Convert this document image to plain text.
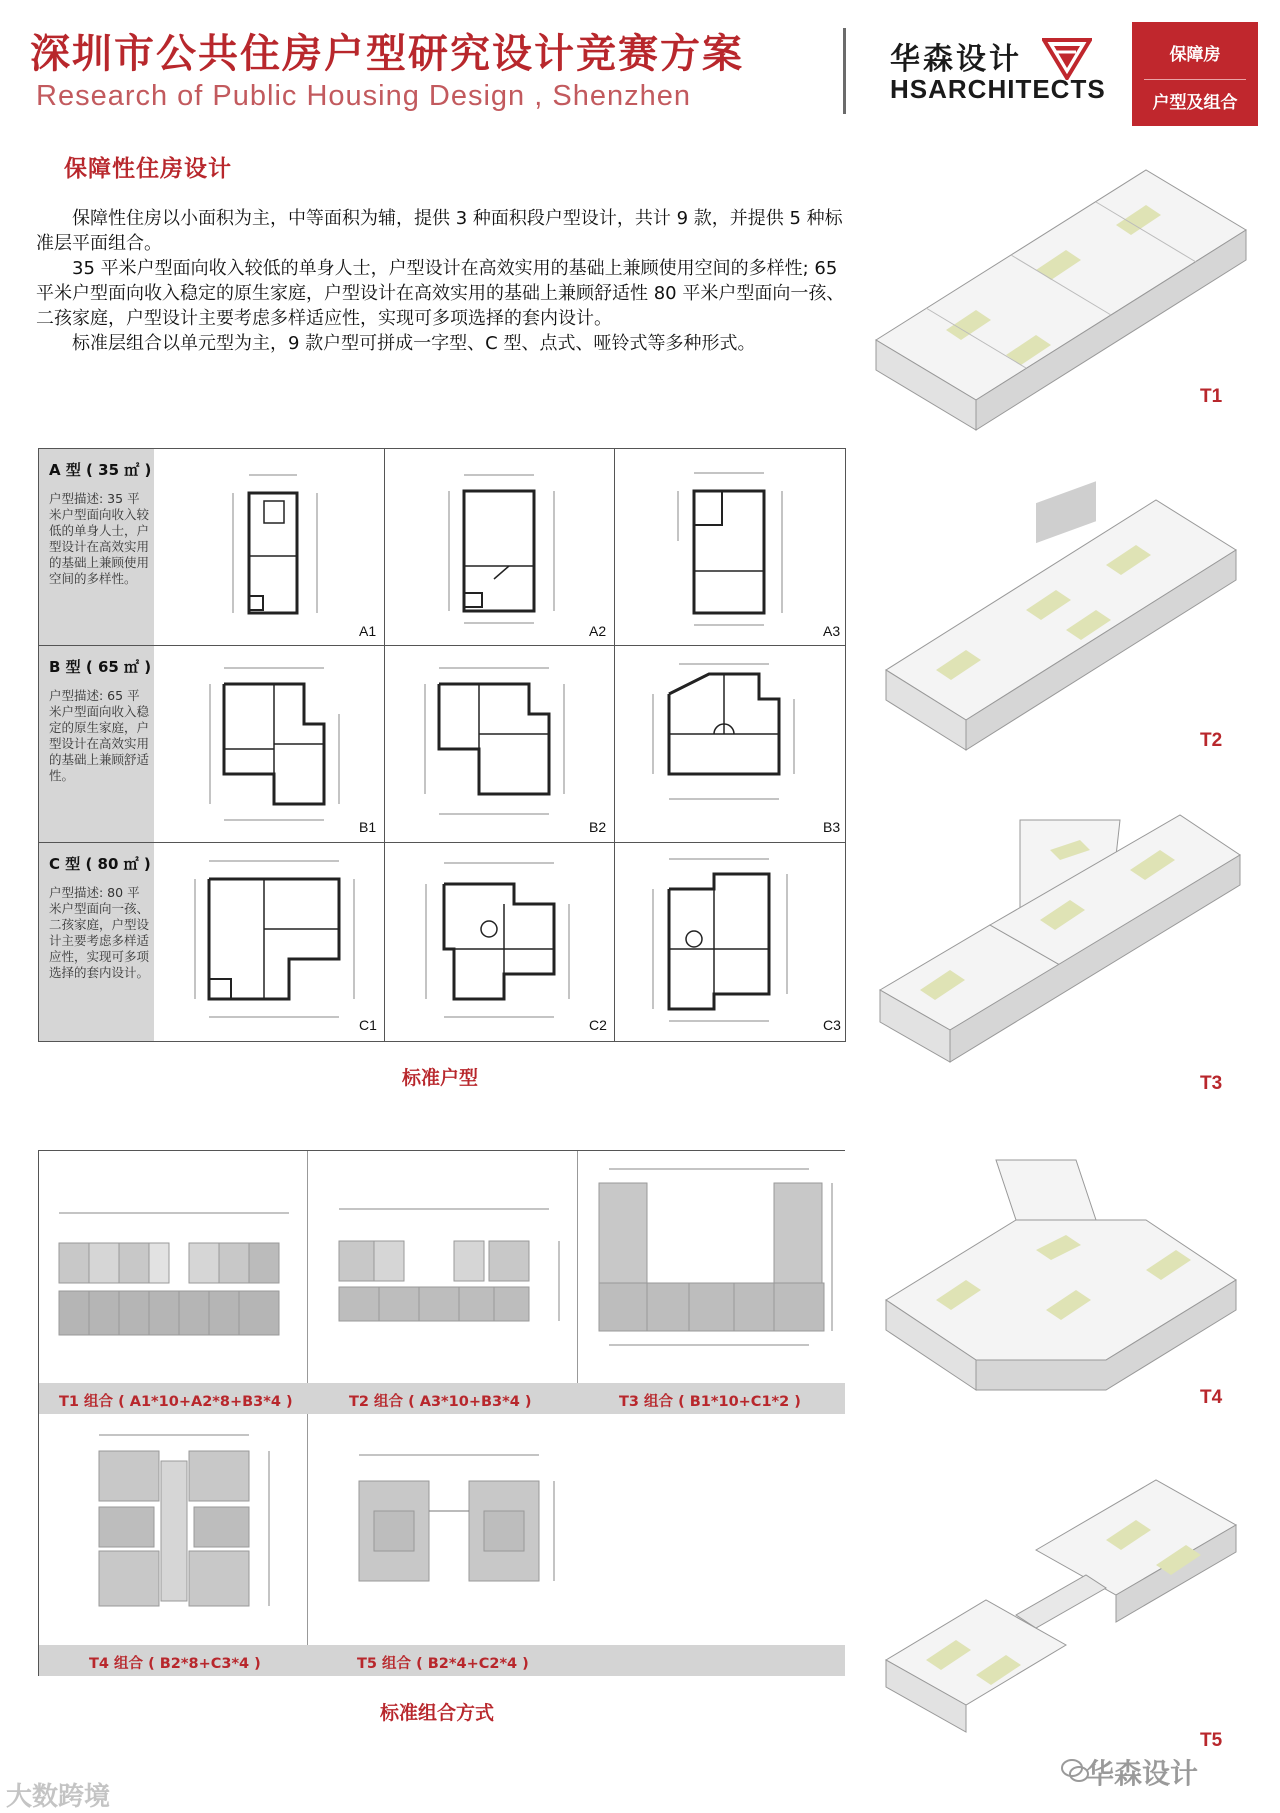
深圳市公共住房户型研究设计竞赛方案
Research of Public Housing Design , Shenzhen
华森设计
HSARCHITECTS
保障房
户型及组合
保障性住房设计

保障性住房以小面积为主，中等面积为辅，提供 3 种面积段户型设计，共计 9 款，并提供 5 种标准层平面组合。

35 平米户型面向收入较低的单身人士，户型设计在高效实用的基础上兼顾使用空间的多样性; 65 平米户型面向收入稳定的原生家庭，户型设计在高效实用的基础上兼顾舒适性 80 平米户型面向一孩、二孩家庭，户型设计主要考虑多样适应性，实现可多项选择的套内设计。

标准层组合以单元型为主，9 款户型可拼成一字型、C 型、点式、哑铃式等多种形式。

A 型 ( 35 ㎡ )
户型描述: 35 平米户型面向收入较低的单身人士，户型设计在高效实用的基础上兼顾使用空间的多样性。
A1	A2	A3
B 型 ( 65 ㎡ )
户型描述: 65 平米户型面向收入稳定的原生家庭，户型设计在高效实用的基础上兼顾舒适性。
B1	B2	B3
C 型 ( 80 ㎡ )
户型描述: 80 平米户型面向一孩、二孩家庭，户型设计主要考虑多样适应性，实现可多项选择的套内设计。
C1	C2	C3
标准户型
T1 组合 ( A1*10+A2*8+B3*4 )	T2 组合 ( A3*10+B3*4 )	T3 组合 ( B1*10+C1*2 )
T4 组合 ( B2*8+C3*4 )	T5 组合 ( B2*4+C2*4 )
标准组合方式
T1
T2
T3
T4
T5
大数跨境
华森设计
